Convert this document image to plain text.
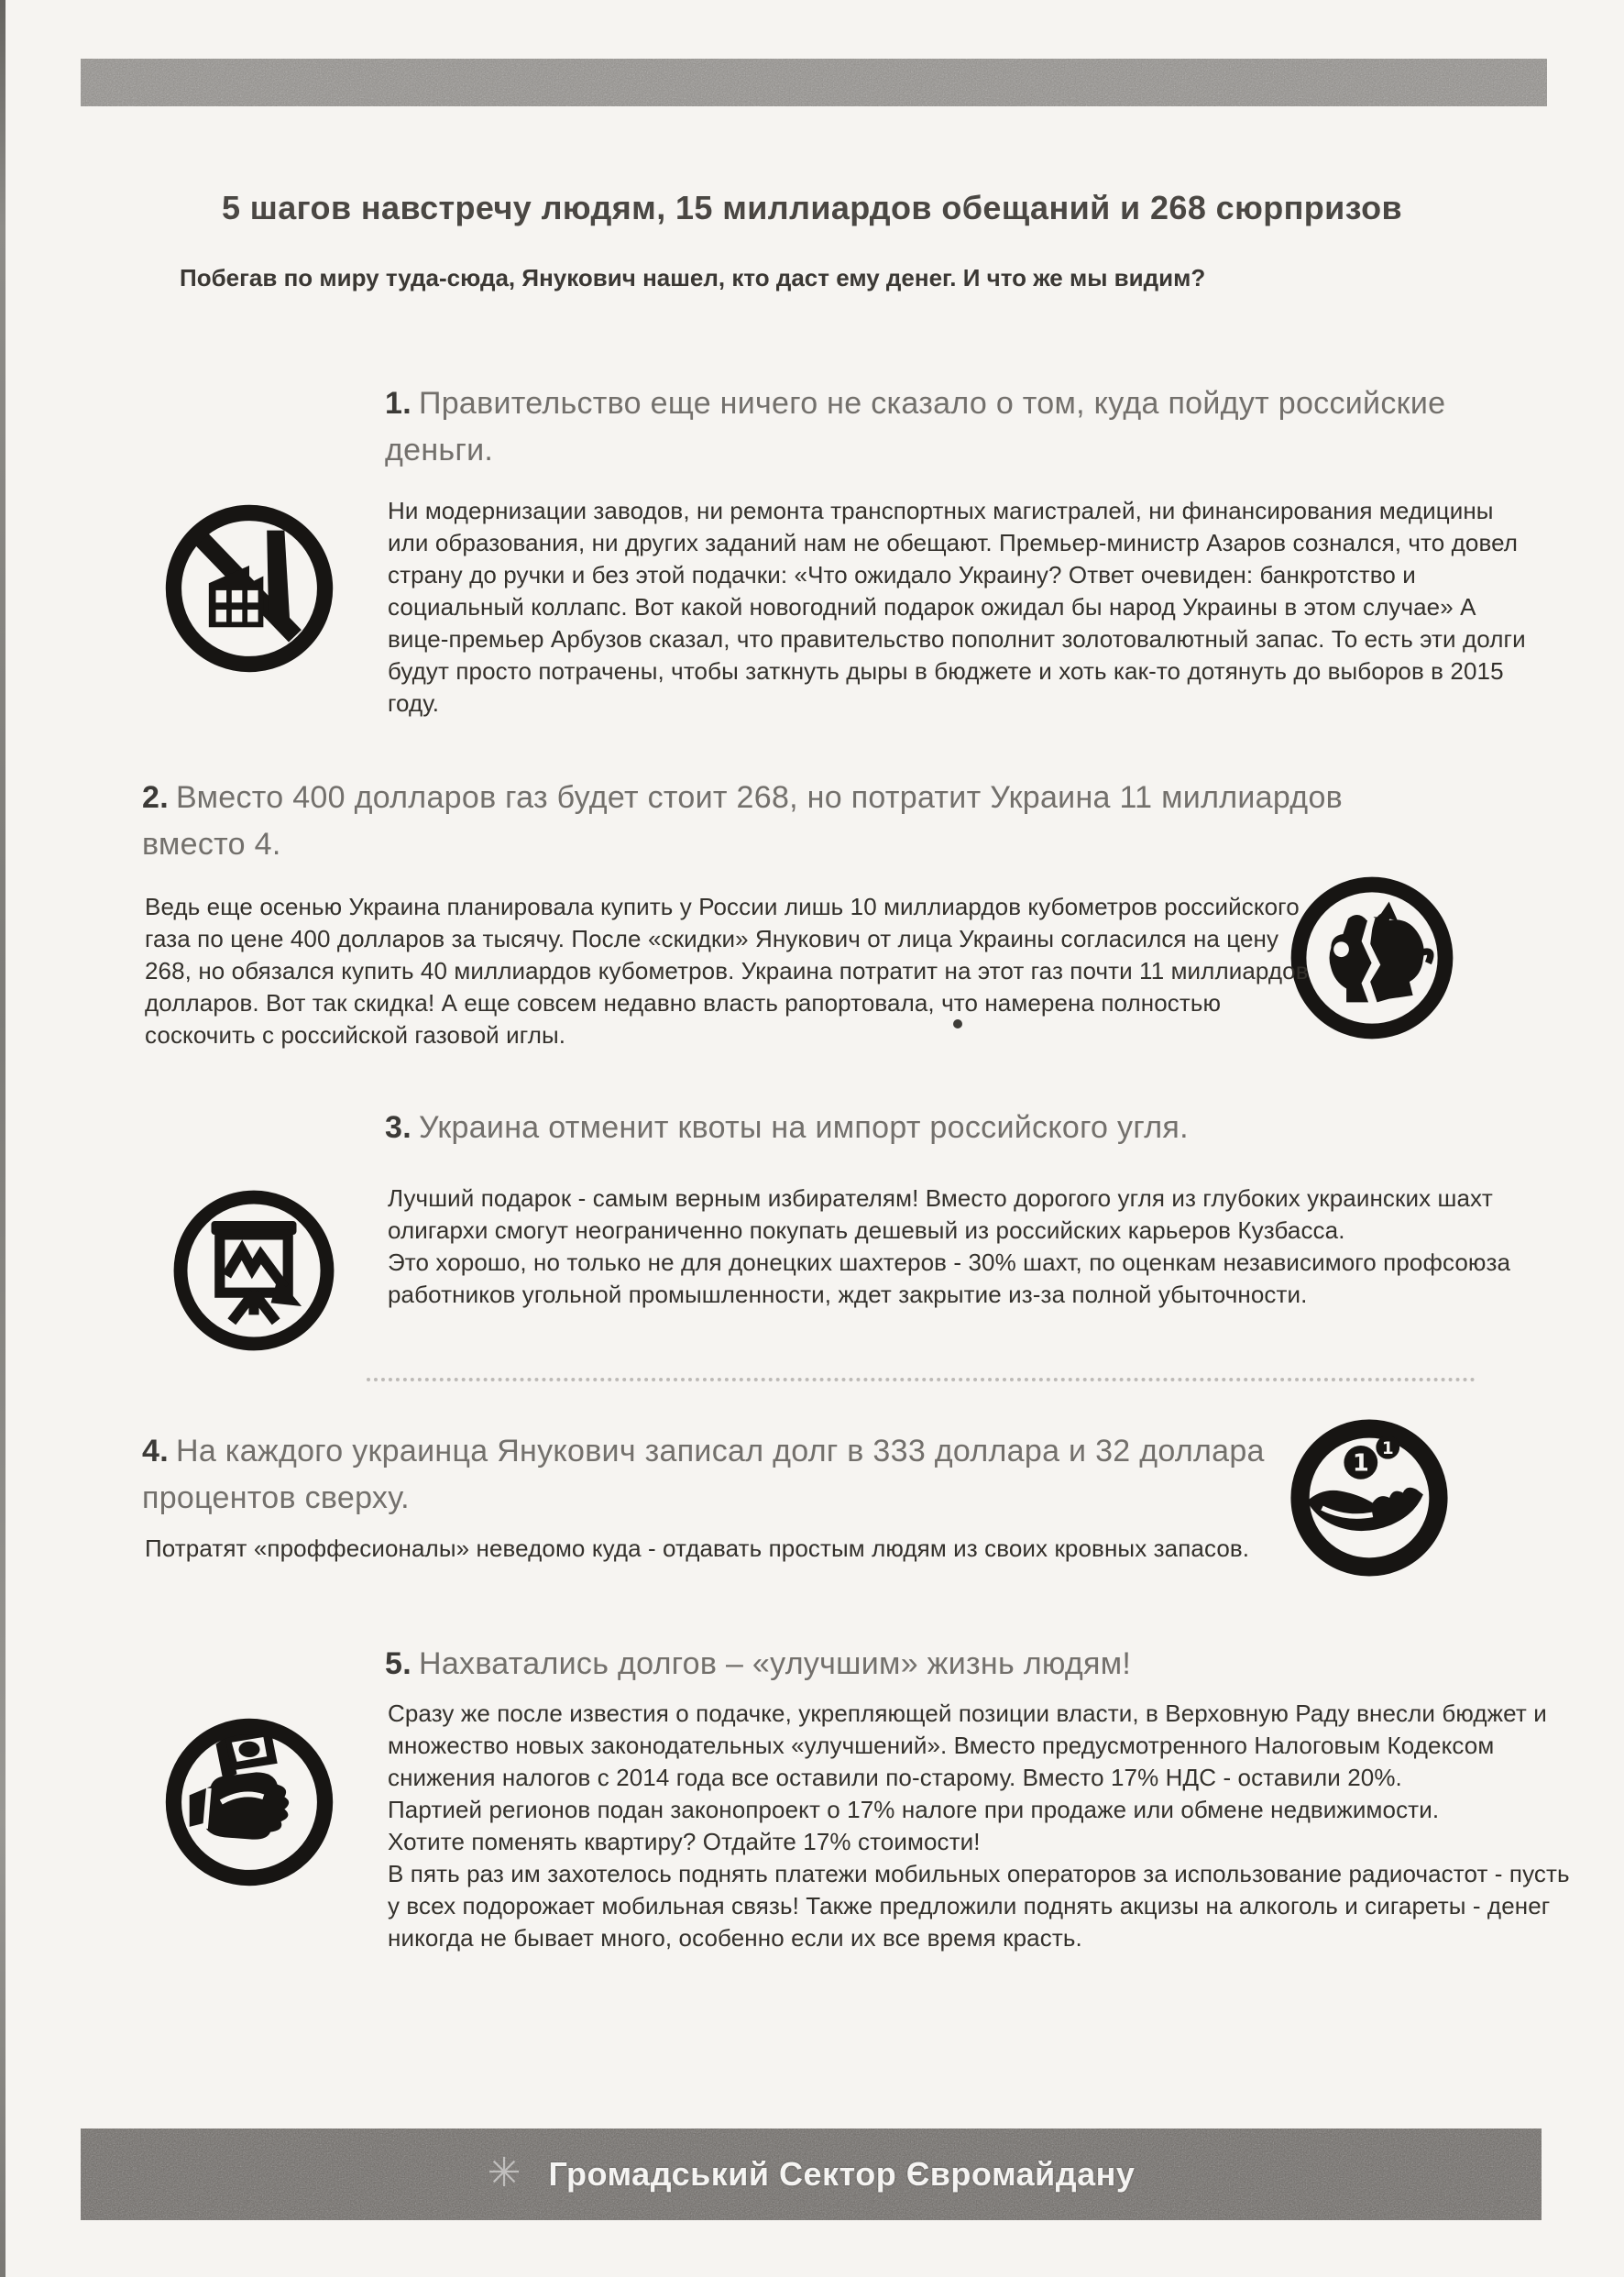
5 шагов навстречу людям, 15 миллиардов обещаний и 268 сюрпризов
Побегав по миру туда-сюда, Янукович нашел, кто даст ему денег. И что же мы видим?
1. Правительство еще ничего не сказало о том, куда пойдут российские деньги.

Ни модернизации заводов, ни ремонта транспортных магистралей, ни финансирования медицины или образования, ни других заданий нам не обещают. Премьер-министр Азаров сознался, что довел страну до ручки и без этой подачки: «Что ожидало Украину? Ответ очевиден: банкротство и социальный коллапс. Вот какой новогодний подарок ожидал бы народ Украины в этом случае» А вице-премьер Арбузов сказал, что правительство пополнит золотовалютный запас. То есть эти долги будут просто потрачены, чтобы заткнуть дыры в бюджете и хоть как-то дотянуть до выборов в 2015 году.

2. Вместо 400 долларов газ будет стоит 268, но потратит Украина 11 миллиардов вместо 4.

Ведь еще осенью Украина планировала купить у России лишь 10 миллиардов кубометров российского газа по цене 400 долларов за тысячу. После «скидки» Янукович от лица Украины согласился на цену 268, но обязался купить 40 миллиардов кубометров. Украина потратит на этот газ почти 11 миллиардов долларов. Вот так скидка! А еще совсем недавно власть рапортовала, что намерена полностью соскочить с российской газовой иглы.

3. Украина отменит квоты на импорт российского угля.

Лучший подарок - самым верным избирателям! Вместо дорогого угля из глубоких украинских шахт олигархи смогут неограниченно покупать дешевый из российских карьеров Кузбасса.

Это хорошо, но только не для донецких шахтеров - 30% шахт, по оценкам независимого профсоюза работников угольной промышленности, ждет закрытие из-за полной убыточности.

4. На каждого украинца Янукович записал долг в 333 доллара и 32 доллара процентов сверху.
1
1

Потратят «проффесионалы» неведомо куда - отдавать простым людям из своих кровных запасов.

5. Нахватались долгов – «улучшим» жизнь людям!

Сразу же после известия о подачке, укрепляющей позиции власти, в Верховную Раду внесли бюджет и множество новых законодательных «улучшений». Вместо предусмотренного Налоговым Кодексом снижения налогов с 2014 года все оставили по-старому. Вместо 17% НДС - оставили 20%.

Партией регионов подан законопроект о 17% налоге при продаже или обмене недвижимости.

Хотите поменять квартиру? Отдайте 17% стоимости!

В пять раз им захотелось поднять платежи мобильных операторов за использование радиочастот - пусть у всех подорожает мобильная связь! Также предложили поднять акцизы на алкоголь и сигареты - денег никогда не бывает много, особенно если их все время красть.

✳ Громадський Сектор Євромайдану
